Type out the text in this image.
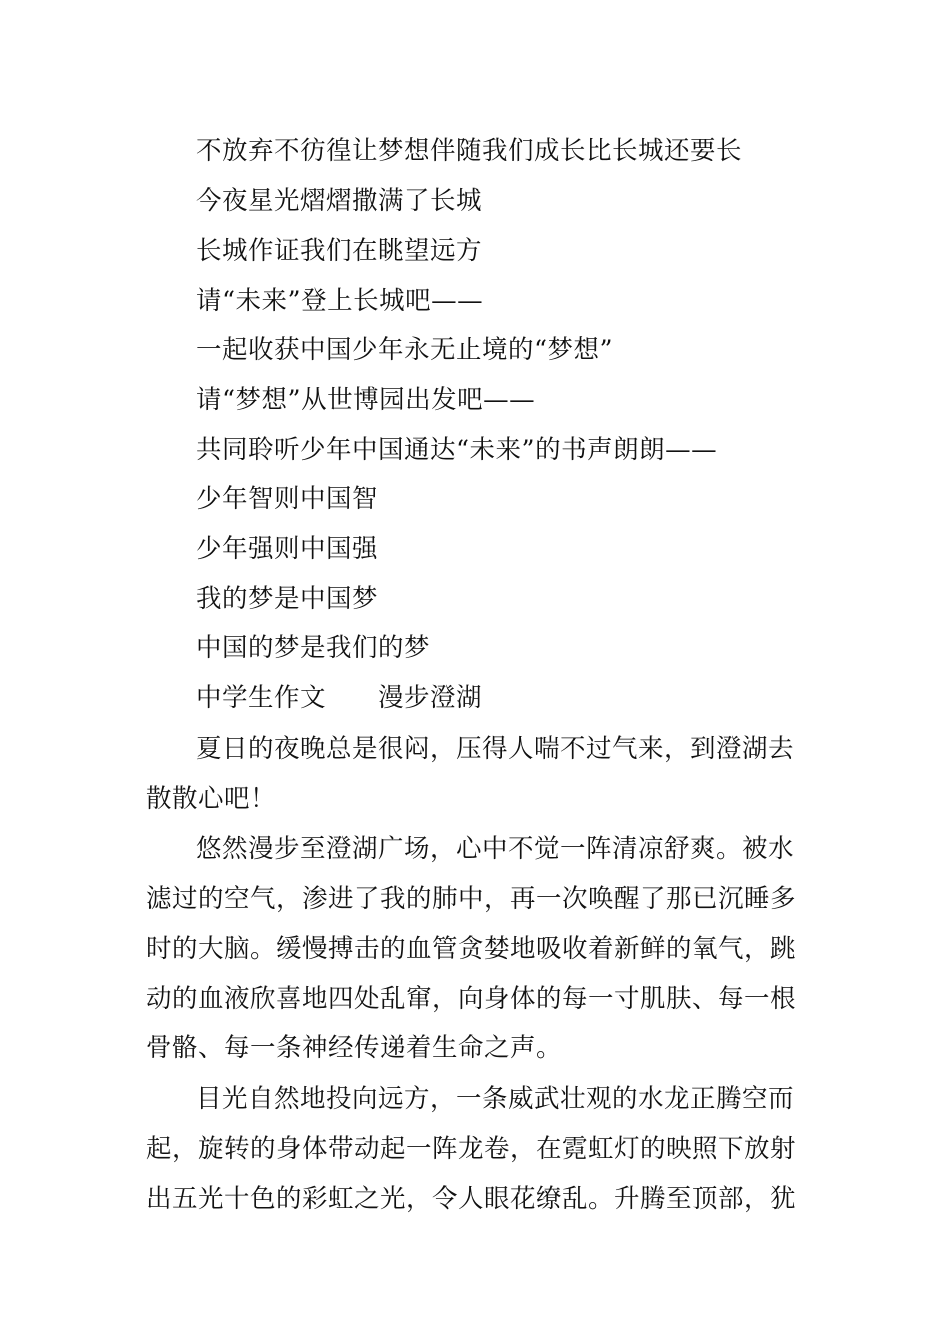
不放弃不彷徨让梦想伴随我们成长比长城还要长
今夜星光熠熠撒满了长城
长城作证我们在眺望远方
请“未来”登上长城吧——
一起收获中国少年永无止境的“梦想”
请“梦想”从世博园出发吧——
共同聆听少年中国通达“未来”的书声朗朗——
少年智则中国智
少年强则中国强
我的梦是中国梦
中国的梦是我们的梦
中学生作文 漫步澄湖
夏日的夜晚总是很闷，压得人喘不过气来，到澄湖去
散散心吧！
悠然漫步至澄湖广场，心中不觉一阵清凉舒爽。被水
滤过的空气，渗进了我的肺中，再一次唤醒了那已沉睡多
时的大脑。缓慢搏击的血管贪婪地吸收着新鲜的氧气，跳
动的血液欣喜地四处乱窜，向身体的每一寸肌肤、每一根
骨骼、每一条神经传递着生命之声。
目光自然地投向远方，一条威武壮观的水龙正腾空而
起，旋转的身体带动起一阵龙卷，在霓虹灯的映照下放射
出五光十色的彩虹之光，令人眼花缭乱。升腾至顶部，犹
